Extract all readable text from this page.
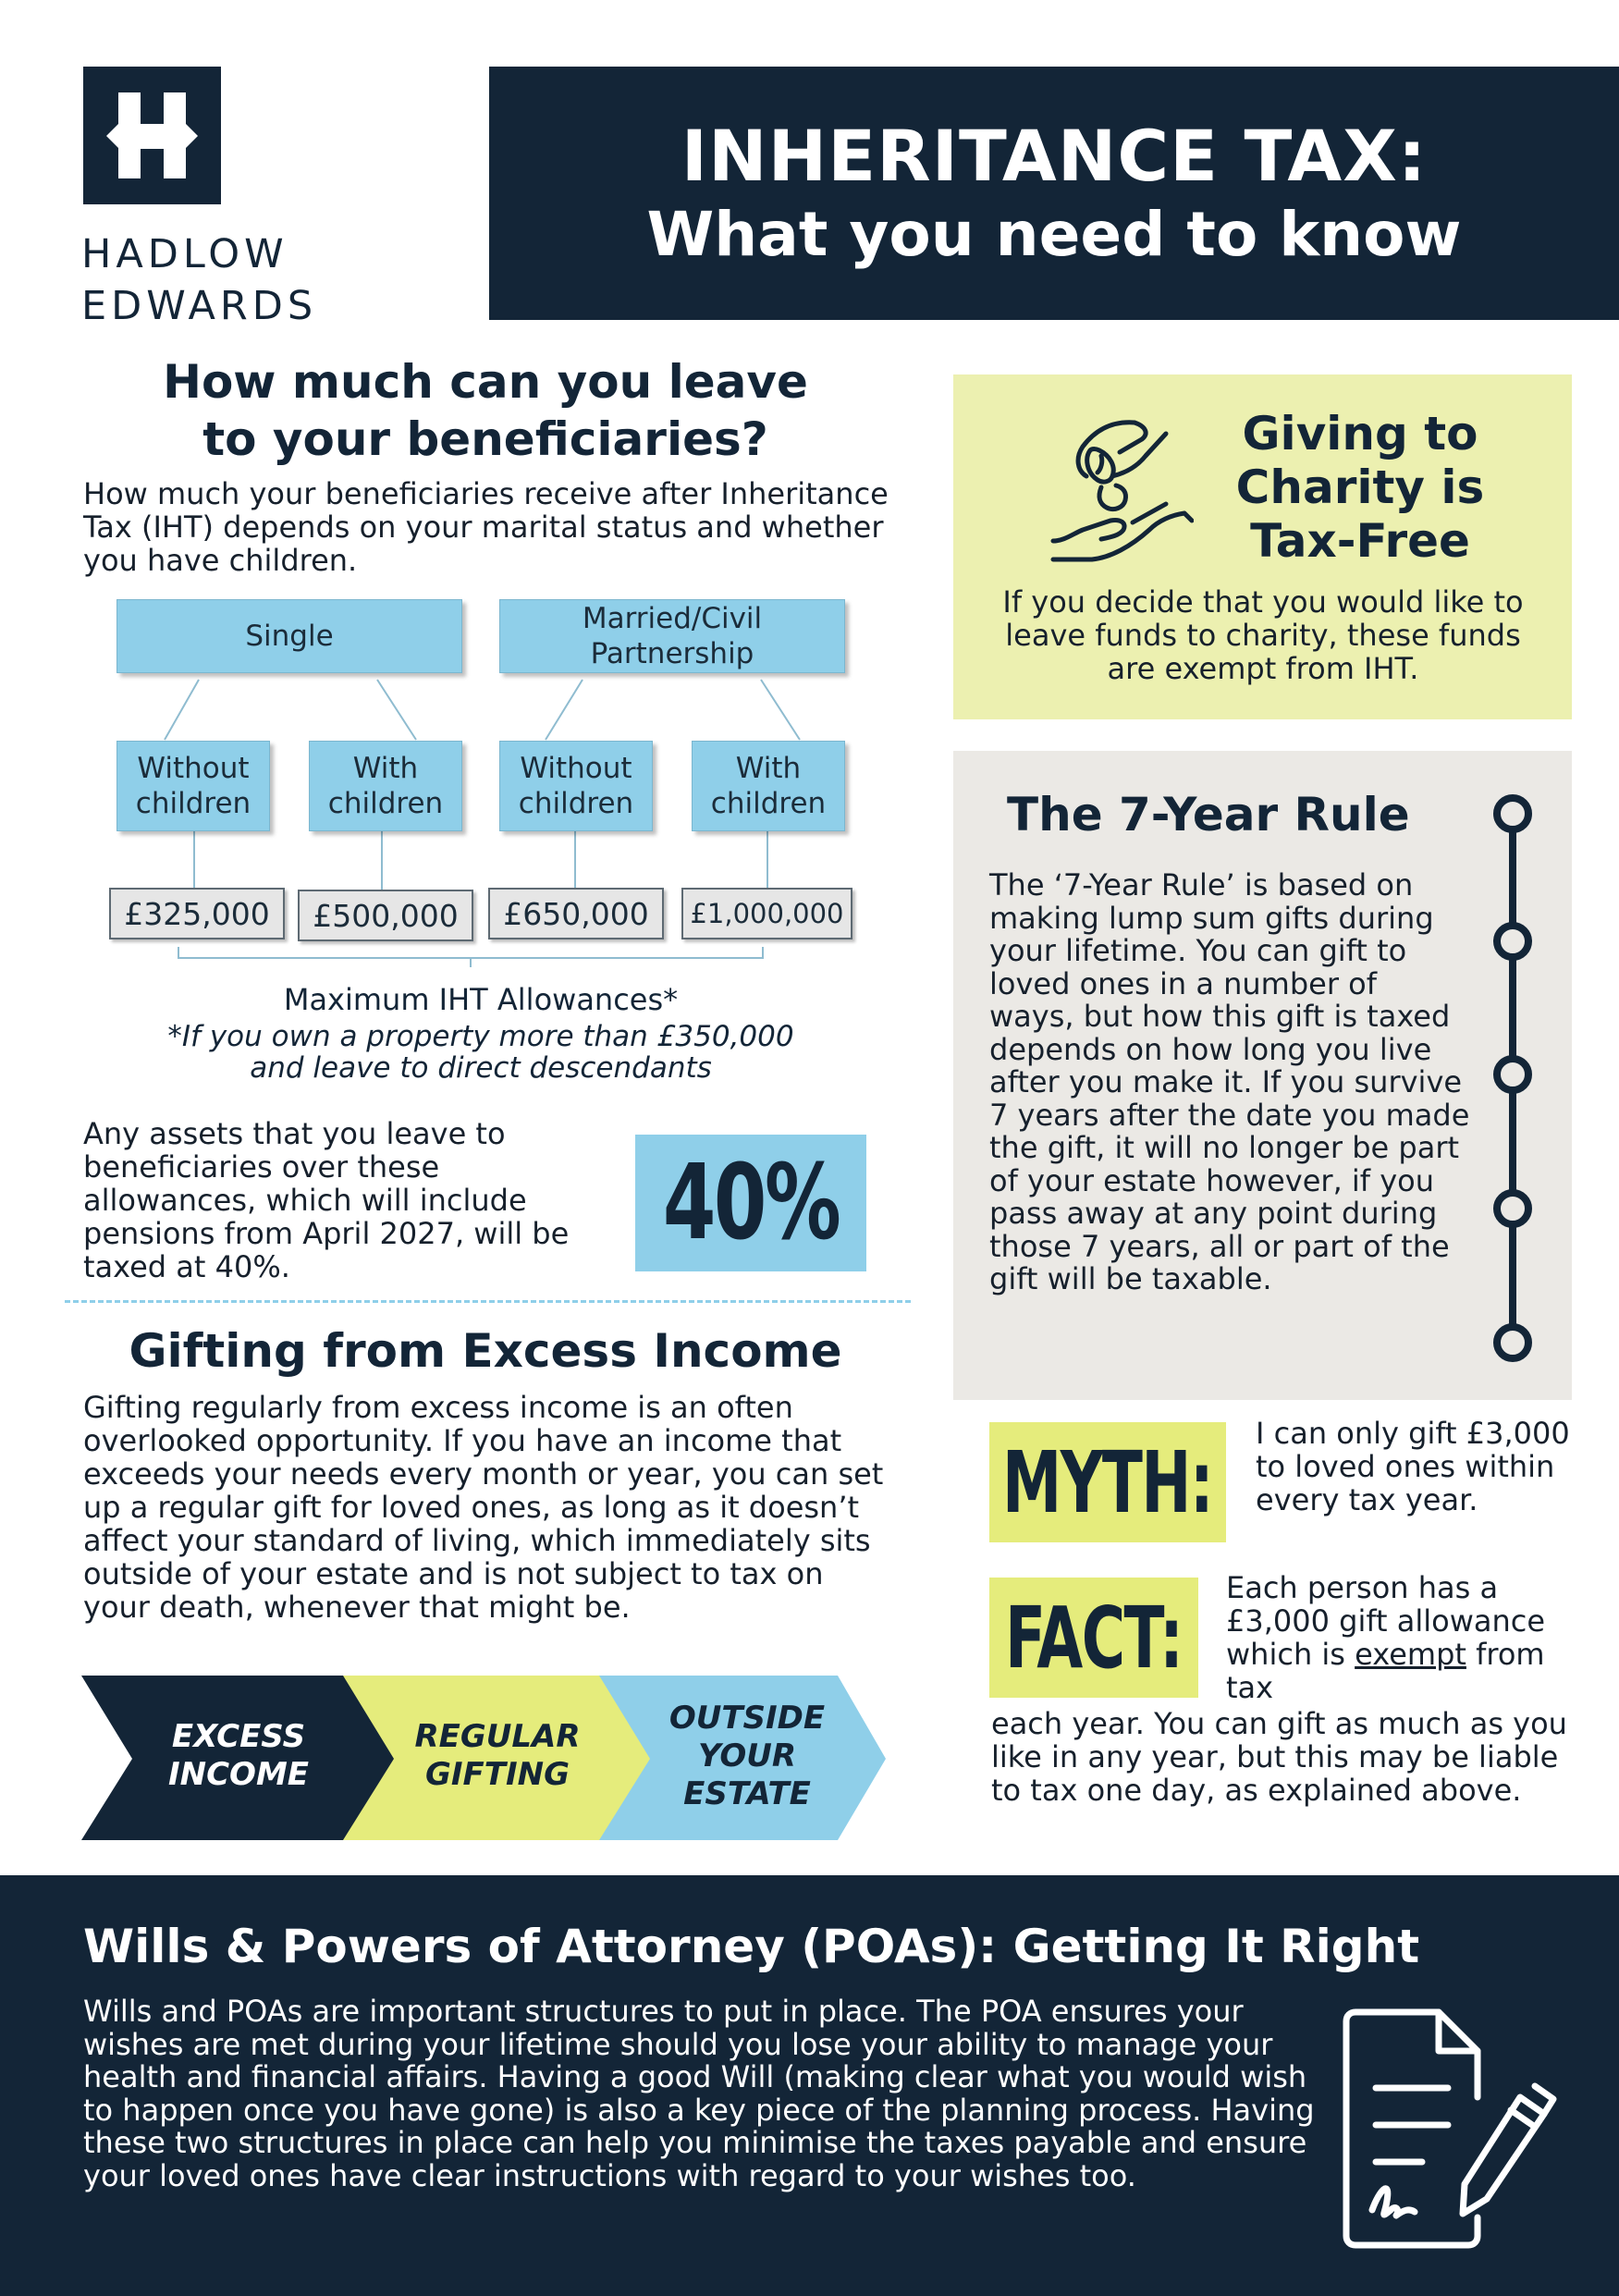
HADLOW
EDWARDS
INHERITANCE TAX:
What you need to know
How much can you leave
to your beneficiaries?

How much your beneficiaries receive after Inheritance Tax (IHT) depends on your marital status and whether you have children.

Single
Married/Civil Partnership
Without children
With children
Without children
With children
£325,000	£500,000	£650,000	£1,000,000
Maximum IHT Allowances*
*If you own a property more than £350,000
and leave to direct descendants

Any assets that you leave to beneficiaries over these allowances, which will include pensions from April 2027, will be taxed at 40%.

40%
Gifting from Excess Income

Gifting regularly from excess income is an often overlooked opportunity. If you have an income that exceeds your needs every month or year, you can set up a regular gift for loved ones, as long as it doesn’t affect your standard of living, which immediately sits outside of your estate and is not subject to tax on your death, whenever that might be.

EXCESS
INCOME
REGULAR
GIFTING
OUTSIDE
YOUR
ESTATE
Giving to
Charity is
Tax-Free

If you decide that you would like to leave funds to charity, these funds are exempt from IHT.

The 7-Year Rule

The ‘7-Year Rule’ is based on making lump sum gifts during your lifetime. You can gift to loved ones in a number of ways, but how this gift is taxed depends on how long you live after you make it. If you survive 7 years after the date you made the gift, it will no longer be part of your estate however, if you pass away at any point during those 7 years, all or part of the gift will be taxable.

MYTH: I can only gift £3,000 to loved ones within every tax year.

FACT:

Each person has a £3,000 gift allowance which is exempt from tax

each year. You can gift as much as you like in any year, but this may be liable to tax one day, as explained above.

Wills & Powers of Attorney (POAs): Getting It Right

Wills and POAs are important structures to put in place. The POA ensures your wishes are met during your lifetime should you lose your ability to manage your health and financial affairs. Having a good Will (making clear what you would wish to happen once you have gone) is also a key piece of the planning process. Having these two structures in place can help you minimise the taxes payable and ensure your loved ones have clear instructions with regard to your wishes too.
